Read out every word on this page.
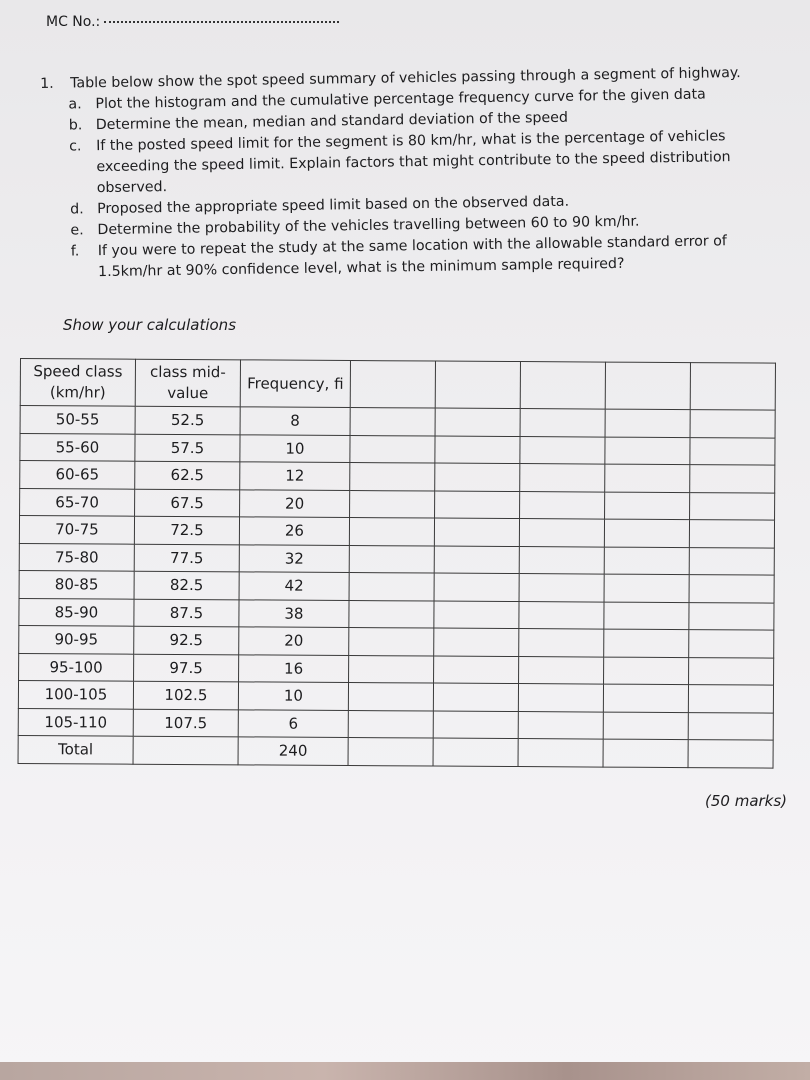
MC No.:
1.	Table below show the spot speed summary of vehicles passing through a segment of highway.
a. Plot the histogram and the cumulative percentage frequency curve for the given data
b. Determine the mean, median and standard deviation of the speed
c.	If the posted speed limit for the segment is 80 km/hr, what is the percentage of vehicles exceeding the speed limit. Explain factors that might contribute to the speed distribution observed.
d. Proposed the appropriate speed limit based on the observed data.
e. Determine the probability of the vehicles travelling between 60 to 90 km/hr.
f.	If you were to repeat the study at the same location with the allowable standard error of 1.5km/hr at 90% confidence level, what is the minimum sample required?
Show your calculations
Speed class (km/hr)	class mid-value	Frequency, fi					
50-55	52.5	8					
55-60	57.5	10					
60-65	62.5	12					
65-70	67.5	20					
70-75	72.5	26					
75-80	77.5	32					
80-85	82.5	42					
85-90	87.5	38					
90-95	92.5	20					
95-100	97.5	16					
100-105	102.5	10					
105-110	107.5	6					
Total		240					
(50 marks)
